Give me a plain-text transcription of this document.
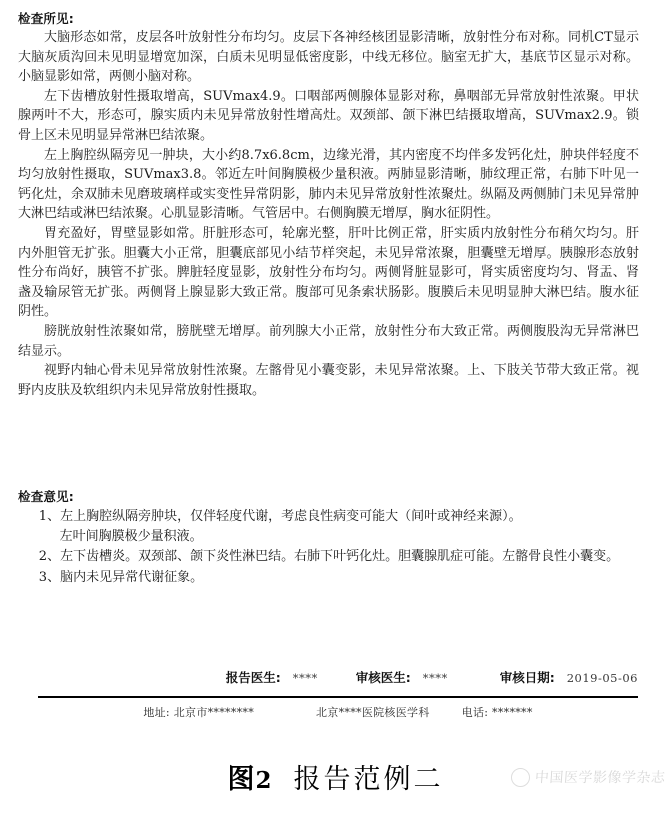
检查所见:

大脑形态如常，皮层各叶放射性分布均匀。皮层下各神经核团显影清晰，放射性分布对称。同机CT显示大脑灰质沟回未见明显增宽加深，白质未见明显低密度影，中线无移位。脑室无扩大，基底节区显示对称。小脑显影如常，两侧小脑对称。

左下齿槽放射性摄取增高，SUVmax4.9。口咽部两侧腺体显影对称，鼻咽部无异常放射性浓聚。甲状腺两叶不大，形态可，腺实质内未见异常放射性增高灶。双颈部、颌下淋巴结摄取增高，SUVmax2.9。锁骨上区未见明显异常淋巴结浓聚。

左上胸腔纵隔旁见一肿块，大小约8.7x6.8cm，边缘光滑，其内密度不均伴多发钙化灶，肿块伴轻度不均匀放射性摄取，SUVmax3.8。邻近左叶间胸膜极少量积液。两肺显影清晰，肺纹理正常，右肺下叶见一钙化灶，余双肺未见磨玻璃样或实变性异常阴影，肺内未见异常放射性浓聚灶。纵隔及两侧肺门未见异常肿大淋巴结或淋巴结浓聚。心肌显影清晰。气管居中。右侧胸膜无增厚，胸水征阴性。

胃充盈好，胃壁显影如常。肝脏形态可，轮廓光整，肝叶比例正常，肝实质内放射性分布稍欠均匀。肝内外胆管无扩张。胆囊大小正常，胆囊底部见小结节样突起，未见异常浓聚，胆囊壁无增厚。胰腺形态放射性分布尚好，胰管不扩张。脾脏轻度显影，放射性分布均匀。两侧肾脏显影可，肾实质密度均匀、肾盂、肾盏及输尿管无扩张。两侧肾上腺显影大致正常。腹部可见条索状肠影。腹膜后未见明显肿大淋巴结。腹水征阴性。

膀胱放射性浓聚如常，膀胱壁无增厚。前列腺大小正常，放射性分布大致正常。两侧腹股沟无异常淋巴结显示。

视野内轴心骨未见异常放射性浓聚。左髂骨见小囊变影，未见异常浓聚。上、下肢关节带大致正常。视野内皮肤及软组织内未见异常放射性摄取。

检查意见:
1、左上胸腔纵隔旁肿块，仅伴轻度代谢，考虑良性病变可能大（间叶或神经来源）。
左叶间胸膜极少量积液。
2、左下齿槽炎。双颈部、颌下炎性淋巴结。右肺下叶钙化灶。胆囊腺肌症可能。左髂骨良性小囊变。
3、脑内未见异常代谢征象。
报告医生: ****	审核医生: ****	审核日期: 2019-05-06
地址: 北京市********	北京****医院核医学科	电话: *******
图2 报告范例二	中国医学影像学杂志
